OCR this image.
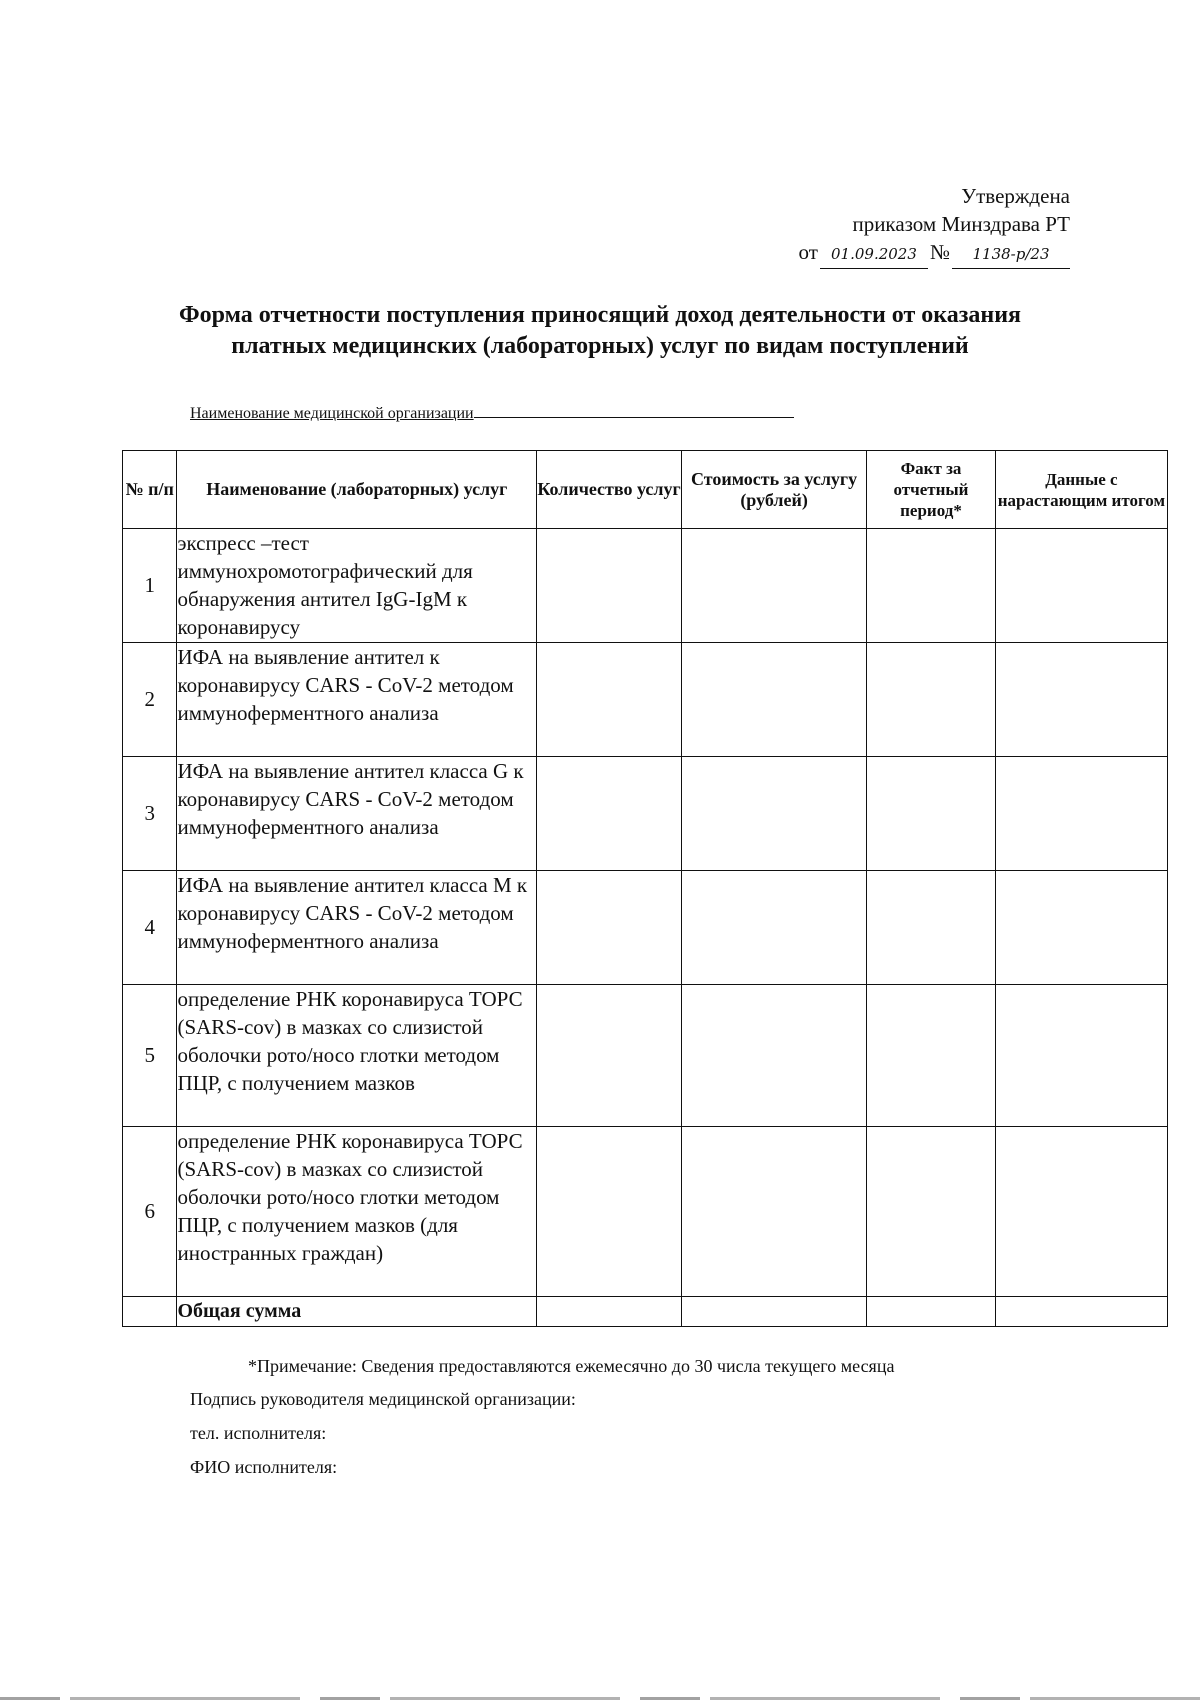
Утверждена
приказом Минздрава РТ
от 01.09.2023 №	1138-р/23
Форма отчетности поступления приносящий доход деятельности от оказания платных медицинских (лабораторных) услуг по видам поступлений
Наименование медицинской организации
№ п/п	Наименование (лабораторных) услуг	Количество услуг	Стоимость за услугу (рублей)	Факт за отчетный период*	Данные с нарастающим итогом
1	экспресс –тест иммунохромотографический для обнаружения антител IgG-IgM к коронавирусу				
2	ИФА на выявление антител к коронавирусу CARS - CoV-2 методом иммуноферментного анализа				
3	ИФА на выявление антител класса G к коронавирусу CARS - CoV-2 методом иммуноферментного анализа				
4	ИФА на выявление антител класса M к коронавирусу CARS - CoV-2 методом иммуноферментного анализа				
5	определение РНК коронавируса ТОРС (SARS-cov) в мазках со слизистой оболочки рото/носо глотки методом ПЦР, с получением мазков				
6	определение РНК коронавируса ТОРС (SARS-cov) в мазках со слизистой оболочки рото/носо глотки методом ПЦР, с получением мазков (для иностранных граждан)				
	Общая сумма				
*Примечание: Сведения предоставляются ежемесячно до 30 числа текущего месяца
Подпись руководителя медицинской организации:
тел. исполнителя:
ФИО исполнителя:
